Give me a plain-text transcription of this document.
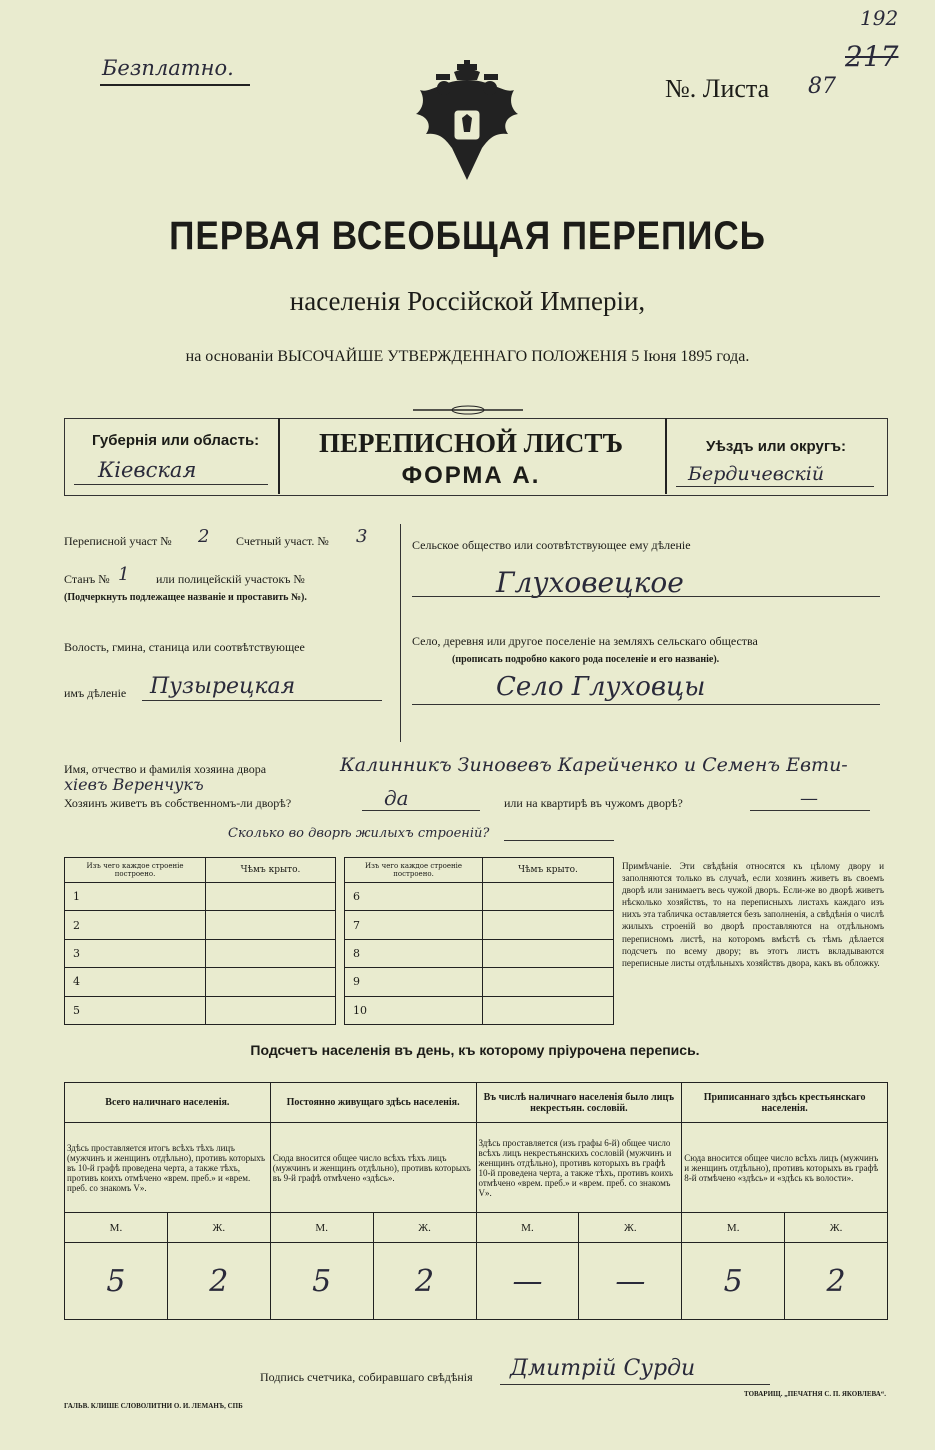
Безплатно.
№. Листа 87
192
217
ПЕРВАЯ ВСЕОБЩАЯ ПЕРЕПИСЬ
населенія Россійской Имперіи,
на основаніи ВЫСОЧАЙШЕ УТВЕРЖДЕННАГО ПОЛОЖЕНІЯ 5 Іюня 1895 года.
Губернія или область:
Кіевская
ПЕРЕПИСНОЙ ЛИСТЪ
ФОРМА А.
Уѣздъ или округъ:
Бердичевскій
Переписной участ № 2 Счетный участ. № 3
Станъ № 1 или полицейскій участокъ №
(Подчеркнуть подлежащее названіе и проставить №).
Волость, гмина, станица или соотвѣтствующее
имъ дѣленіе Пузырецкая
Сельское общество или соотвѣтствующее ему дѣленіе
Глуховецкое
Село, деревня или другое поселеніе на земляхъ сельскаго общества
(прописать подробно какого рода поселеніе и его названіе).
Село Глуховцы
Имя, отчество и фамилія хозяина двора	Калинникъ Зиновевъ Карейченко и Семенъ Евти-
хіевъ Веренчукъ
Хозяинъ живетъ въ собственномъ-ли дворѣ?	да	или на квартирѣ въ чужомъ дворѣ?	—
Сколько во дворѣ жилыхъ строеній?
Изъ чего каждое строеніе построено.	Чѣмъ крыто.
1	
2	
3	
4	
5	
Изъ чего каждое строеніе построено.	Чѣмъ крыто.
6	
7	
8	
9	
10	
Примѣчаніе. Эти свѣдѣнія относятся къ цѣлому двору и заполняются только въ случаѣ, если хозяинъ живетъ въ своемъ дворѣ или занимаетъ весь чужой дворъ. Если-же во дворѣ живетъ нѣсколько хозяйствъ, то на переписныхъ листахъ каждаго изъ нихъ эта табличка оставляется безъ заполненія, а свѣдѣнія о числѣ жилыхъ строеній во дворѣ проставляются на отдѣльномъ переписномъ листѣ, на которомъ вмѣстѣ съ тѣмъ дѣлается подсчетъ по всему двору; въ этотъ листъ вкладываются переписные листы отдѣльныхъ хозяйствъ двора, какъ въ обложку.
Подсчетъ населенія въ день, къ которому пріурочена перепись.
Всего наличнаго населенія.		Постоянно живущаго здѣсь населенія.		Въ числѣ наличнаго населенія было лицъ некрестьян. сословій.		Приписаннаго здѣсь крестьянскаго населенія.	
Здѣсь проставляется итогъ всѣхъ тѣхъ лицъ (мужчинъ и женщинъ отдѣльно), противъ которыхъ въ 10-й графѣ проведена черта, а также тѣхъ, противъ коихъ отмѣчено «врем. преб.» и «врем. преб. со знакомъ V».		Сюда вносится общее число всѣхъ тѣхъ лицъ (мужчинъ и женщинъ отдѣльно), противъ которыхъ въ 9-й графѣ отмѣчено «здѣсь».		Здѣсь проставляется (изъ графы 6-й) общее число всѣхъ лицъ некрестьянскихъ сословій (мужчинъ и женщинъ отдѣльно), противъ которыхъ въ графѣ 10-й проведена черта, а также тѣхъ, противъ коихъ отмѣчено «врем. преб.» и «врем. преб. со знакомъ V».		Сюда вносится общее число всѣхъ лицъ (мужчинъ и женщинъ отдѣльно), противъ которыхъ въ графѣ 8-й отмѣчено «здѣсь» и «здѣсь къ волости».	
М.	Ж.	М.	Ж.	М.	Ж.	М.	Ж.
5	2	5	2	—	—	5	2
Подпись счетчика, собиравшаго свѣдѣнія Дмитрій Сурди
ГАЛЬВ. КЛИШЕ СЛОВОЛИТНИ О. И. ЛЕМАНЪ, СПБ
ТОВАРИЩ. „ПЕЧАТНЯ С. П. ЯКОВЛЕВА“.
